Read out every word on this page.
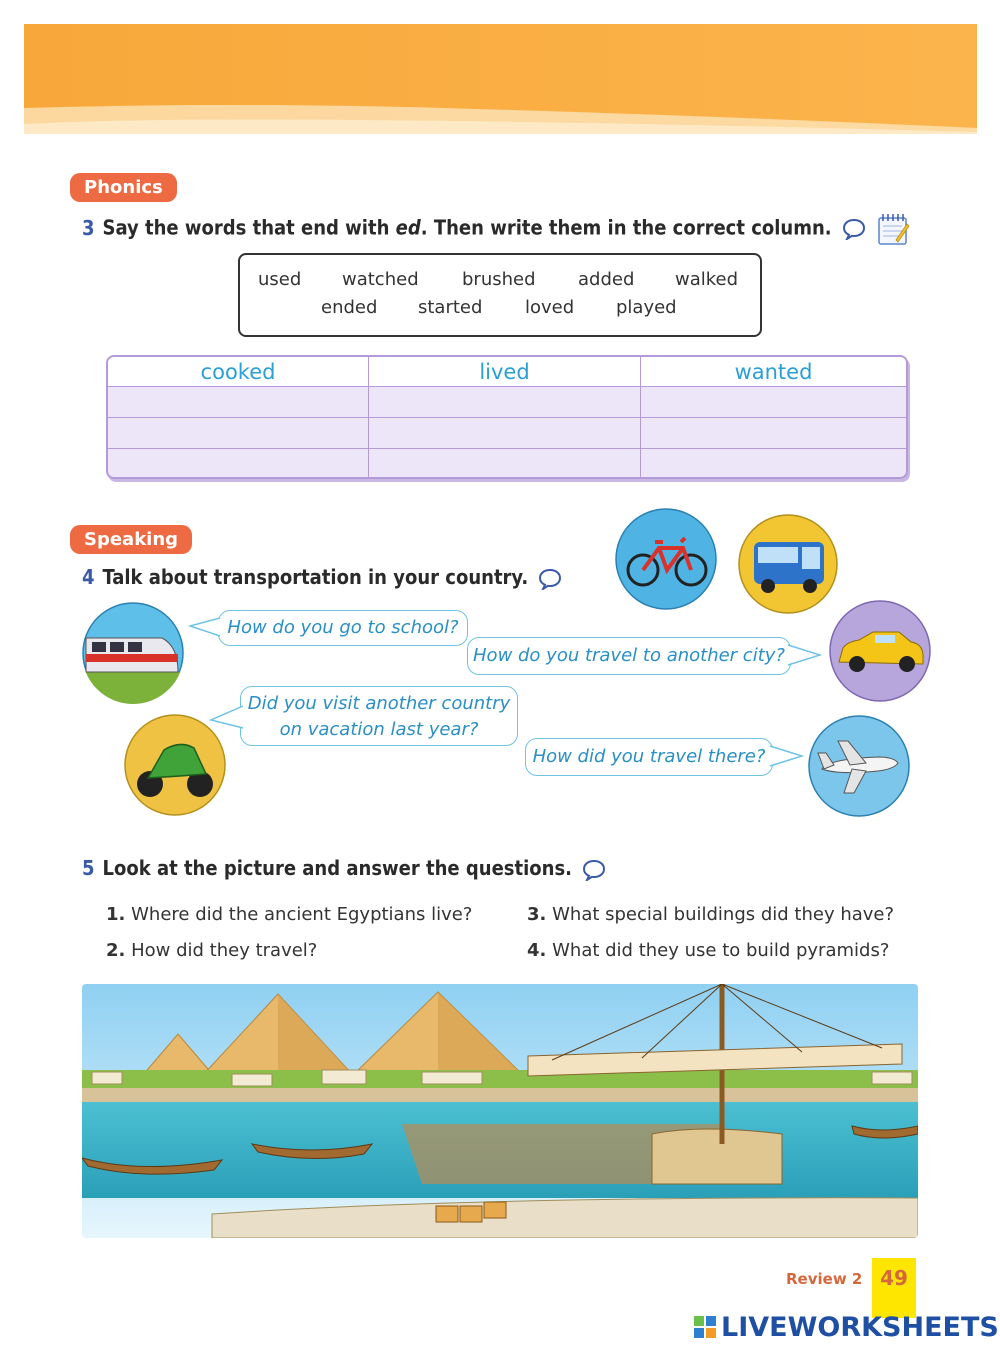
Phonics
3 Say the words that end with ed. Then write them in the correct column.
used watched brushed added walked
ended started loved played
cooked	lived	wanted
Speaking
4 Talk about transportation in your country.
How do you go to school?
How do you travel to another city?
Did you visit another country
on vacation last year?
How did you travel there?
5 Look at the picture and answer the questions.
1. Where did the ancient Egyptians live?
2. How did they travel?
3. What special buildings did they have?
4. What did they use to build pyramids?
Review 2 49
LIVEWORKSHEETS
